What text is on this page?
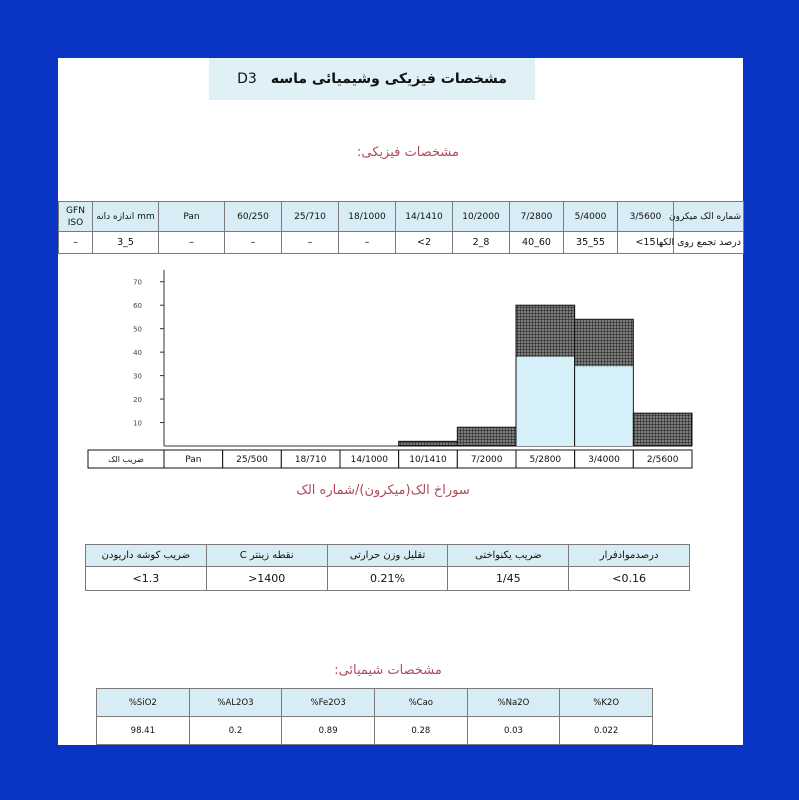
مشخصات فیزیکی وشیمیائی ماسه
D3
مشخصات فیزیکی:
GFN ISO	mm اندازه دانه	Pan	60/250	25/710	18/1000	14/1410	10/2000	7/2800	5/4000	3/5600	شماره الک میکرون
–	3_5	–	–	–	–	<2	2_8	40_60	35_55	<15	درصد تجمع روی الکها
10
20
30
40
50
60
70
ضریب الک	Pan	25/500	18/710	14/1000 10/1410	7/2000	5/2800	3/4000	2/5600
سوراخ الک(میکرون)/شماره الک
ضریب کوشه داریودن	نقطه زینتر C	تقلیل وزن حرارتی	ضریب یکنواختی	درصدموادفرار
<1.3	>1400	0.21%	1/45	<0.16
مشخصات شیمیائی:
%SiO2	%AL2O3	%Fe2O3	%Cao	%Na2O	%K2O
98.41	0.2	0.89	0.28	0.03	0.022
